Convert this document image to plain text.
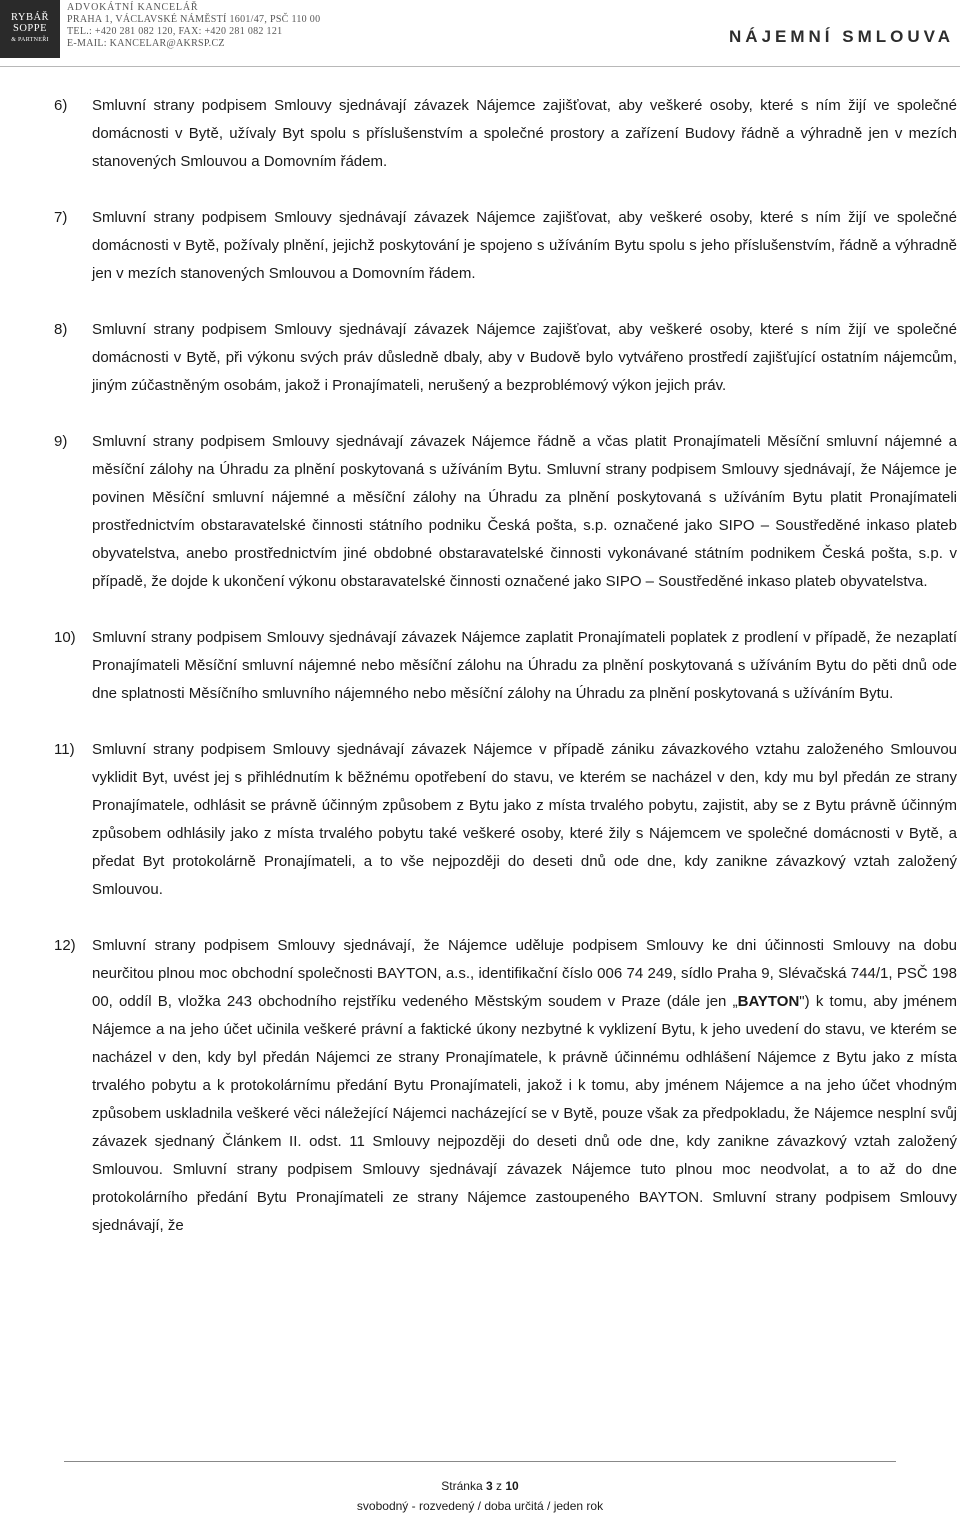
RYBÁŘ
SOPPE
& PARTNEŘI
ADVOKÁTNÍ KANCELÁŘ
PRAHA 1, VÁCLAVSKÉ NÁMĚSTÍ 1601/47, PSČ 110 00
TEL.: +420 281 082 120, FAX: +420 281 082 121
E-MAIL: KANCELAR@AKRSP.CZ	NÁJEMNÍ SMLOUVA
6)	Smluvní strany podpisem Smlouvy sjednávají závazek Nájemce zajišťovat, aby veškeré osoby, které s ním žijí ve společné domácnosti v Bytě, užívaly Byt spolu s příslušenstvím a společné prostory a zařízení Budovy řádně a výhradně jen v mezích stanovených Smlouvou a Domovním řádem.
7)	Smluvní strany podpisem Smlouvy sjednávají závazek Nájemce zajišťovat, aby veškeré osoby, které s ním žijí ve společné domácnosti v Bytě, požívaly plnění, jejichž poskytování je spojeno s užíváním Bytu spolu s jeho příslušenstvím, řádně a výhradně jen v mezích stanovených Smlouvou a Domovním řádem.
8)	Smluvní strany podpisem Smlouvy sjednávají závazek Nájemce zajišťovat, aby veškeré osoby, které s ním žijí ve společné domácnosti v Bytě, při výkonu svých práv důsledně dbaly, aby v Budově bylo vytvářeno prostředí zajišťující ostatním nájemcům, jiným zúčastněným osobám, jakož i Pronajímateli, nerušený a bezproblémový výkon jejich práv.
9)	Smluvní strany podpisem Smlouvy sjednávají závazek Nájemce řádně a včas platit Pronajímateli Měsíční smluvní nájemné a měsíční zálohy na Úhradu za plnění poskytovaná s užíváním Bytu. Smluvní strany podpisem Smlouvy sjednávají, že Nájemce je povinen Měsíční smluvní nájemné a měsíční zálohy na Úhradu za plnění poskytovaná s užíváním Bytu platit Pronajímateli prostřednictvím obstaravatelské činnosti státního podniku Česká pošta, s.p. označené jako SIPO – Soustředěné inkaso plateb obyvatelstva, anebo prostřednictvím jiné obdobné obstaravatelské činnosti vykonávané státním podnikem Česká pošta, s.p. v případě, že dojde k ukončení výkonu obstaravatelské činnosti označené jako SIPO – Soustředěné inkaso plateb obyvatelstva.
10)	Smluvní strany podpisem Smlouvy sjednávají závazek Nájemce zaplatit Pronajímateli poplatek z prodlení v případě, že nezaplatí Pronajímateli Měsíční smluvní nájemné nebo měsíční zálohu na Úhradu za plnění poskytovaná s užíváním Bytu do pěti dnů ode dne splatnosti Měsíčního smluvního nájemného nebo měsíční zálohy na Úhradu za plnění poskytovaná s užíváním Bytu.
11)	Smluvní strany podpisem Smlouvy sjednávají závazek Nájemce v případě zániku závazkového vztahu založeného Smlouvou vyklidit Byt, uvést jej s přihlédnutím k běžnému opotřebení do stavu, ve kterém se nacházel v den, kdy mu byl předán ze strany Pronajímatele, odhlásit se právně účinným způsobem z Bytu jako z místa trvalého pobytu, zajistit, aby se z Bytu právně účinným způsobem odhlásily jako z místa trvalého pobytu také veškeré osoby, které žily s Nájemcem ve společné domácnosti v Bytě, a předat Byt protokolárně Pronajímateli, a to vše nejpozději do deseti dnů ode dne, kdy zanikne závazkový vztah založený Smlouvou.
12)	Smluvní strany podpisem Smlouvy sjednávají, že Nájemce uděluje podpisem Smlouvy ke dni účinnosti Smlouvy na dobu neurčitou plnou moc obchodní společnosti BAYTON, a.s., identifikační číslo 006 74 249, sídlo Praha 9, Slévačská 744/1, PSČ 198 00, oddíl B, vložka 243 obchodního rejstříku vedeného Městským soudem v Praze (dále jen „BAYTON") k tomu, aby jménem Nájemce a na jeho účet učinila veškeré právní a faktické úkony nezbytné k vyklizení Bytu, k jeho uvedení do stavu, ve kterém se nacházel v den, kdy byl předán Nájemci ze strany Pronajímatele, k právně účinnému odhlášení Nájemce z Bytu jako z místa trvalého pobytu a k protokolárnímu předání Bytu Pronajímateli, jakož i k tomu, aby jménem Nájemce a na jeho účet vhodným způsobem uskladnila veškeré věci náležející Nájemci nacházející se v Bytě, pouze však za předpokladu, že Nájemce nesplní svůj závazek sjednaný Článkem II. odst. 11 Smlouvy nejpozději do deseti dnů ode dne, kdy zanikne závazkový vztah založený Smlouvou. Smluvní strany podpisem Smlouvy sjednávají závazek Nájemce tuto plnou moc neodvolat, a to až do dne protokolárního předání Bytu Pronajímateli ze strany Nájemce zastoupeného BAYTON. Smluvní strany podpisem Smlouvy sjednávají, že
Stránka 3 z 10
svobodný - rozvedený / doba určitá / jeden rok
